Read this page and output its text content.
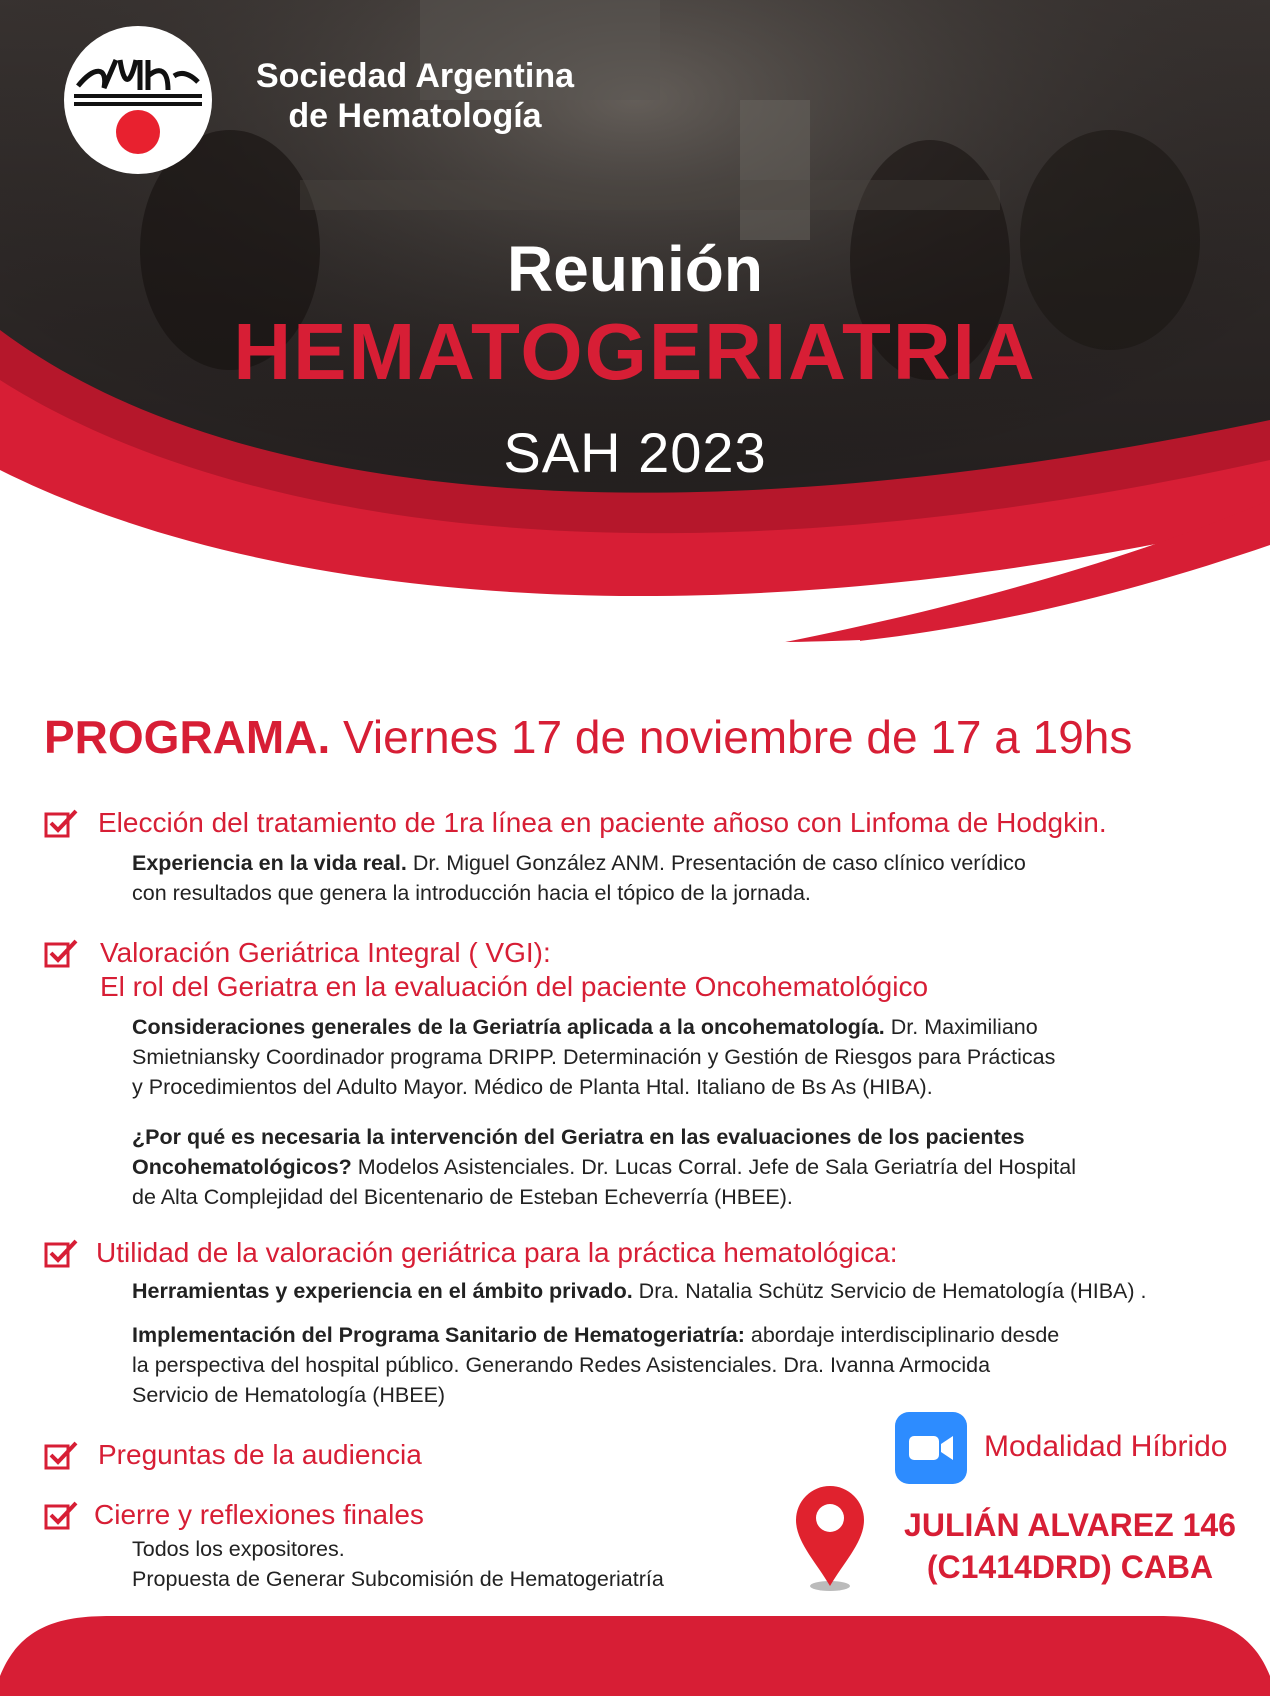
Sociedad Argentina
de Hematología
Reunión
HEMATOGERIATRIA
SAH 2023
PROGRAMA. Viernes 17 de noviembre de 17 a 19hs
Elección del tratamiento de 1ra línea en paciente añoso con Linfoma de Hodgkin.
Experiencia en la vida real. Dr. Miguel González ANM. Presentación de caso clínico verídico
con resultados que genera la introducción hacia el tópico de la jornada.
Valoración Geriátrica Integral ( VGI):
El rol del Geriatra en la evaluación del paciente Oncohematológico
Consideraciones generales de la Geriatría aplicada a la oncohematología. Dr. Maximiliano
Smietniansky Coordinador programa DRIPP. Determinación y Gestión de Riesgos para Prácticas
y Procedimientos del Adulto Mayor. Médico de Planta Htal. Italiano de Bs As (HIBA).
¿Por qué es necesaria la intervención del Geriatra en las evaluaciones de los pacientes
Oncohematológicos? Modelos Asistenciales. Dr. Lucas Corral. Jefe de Sala Geriatría del Hospital
de Alta Complejidad del Bicentenario de Esteban Echeverría (HBEE).
Utilidad de la valoración geriátrica para la práctica hematológica:
Herramientas y experiencia en el ámbito privado. Dra. Natalia Schütz Servicio de Hematología (HIBA) .
Implementación del Programa Sanitario de Hematogeriatría: abordaje interdisciplinario desde
la perspectiva del hospital público. Generando Redes Asistenciales. Dra. Ivanna Armocida
Servicio de Hematología (HBEE)
Preguntas de la audiencia
Cierre y reflexiones finales
Todos los expositores.
Propuesta de Generar Subcomisión de Hematogeriatría
Modalidad Híbrido
JULIÁN ALVAREZ 146
(C1414DRD) CABA
